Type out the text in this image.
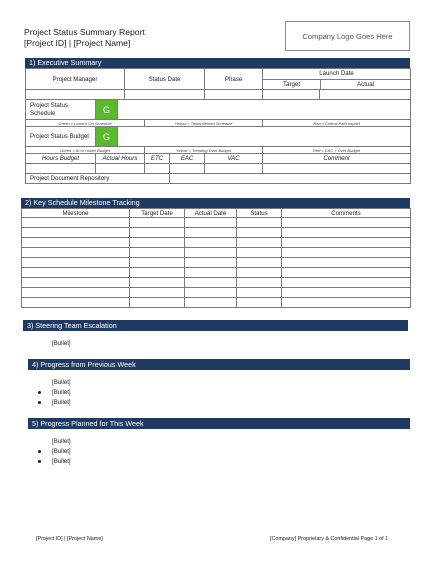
Project Status Summary Report
[Project ID] | [Project Name]
Company Logo Goes Here
1) Executive Summary
Project Manager			Status Date			Phase	Launch Date
Target Actual	

Project Status Schedule	G							
Green = Launch On Schedule				Yellow = Tasks Behind Schedule			Red = Critical Path Impact	
Project Status Budget	G							
Green = At or Under Budget				Yellow = Trending Over Budget			Red = EAC > Over Budget	
Hours Budget	Actual Hours			ETC	EAC	VAC	Comment	

Project Document Repository								
2) Key Schedule Milestone Tracking
Milestone	Target Date	Actual Date	Status	Comments

3) Steering Team Escalation
[Bullet]
4) Progress from Previous Week
[Bullet]
[Bullet]
[Bullet]
5) Progress Planned for This Week
[Bullet]
[Bullet]
[Bullet]
[Project ID] | [Project Name]	[Company] Proprietary & Confidential Page 1 of 1
